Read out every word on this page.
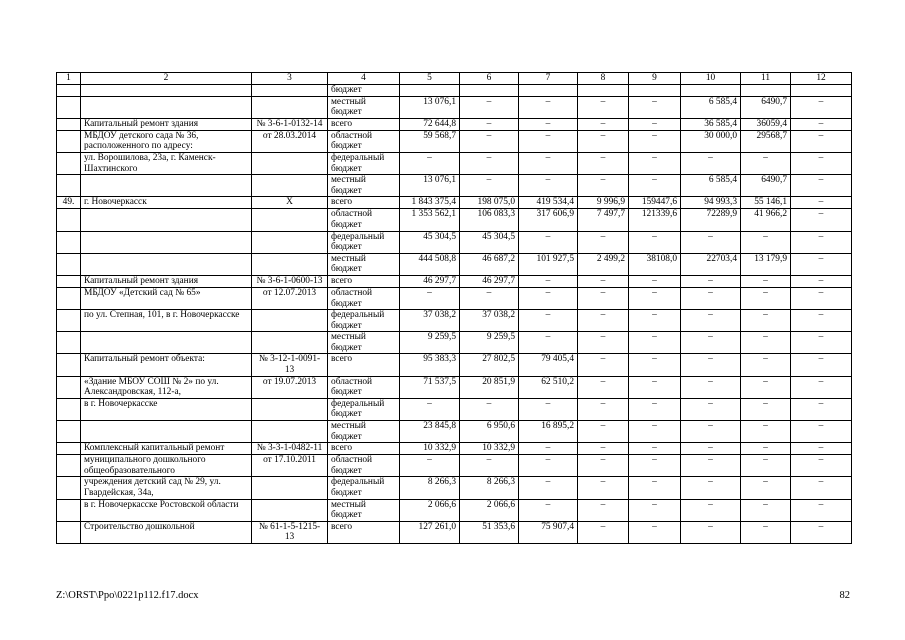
1	2	3	4	5	6	7	8	9	10	11	12
			бюджет								
			местный бюджет	13 076,1	–	–	–	–	6 585,4	6490,7	–
	Капитальный ремонт здания	№ 3-6-1-0132-14	всего	72 644,8	–	–	–	–	36 585,4	36059,4	–
	МБДОУ детского сада № 36, расположенного по адресу:	от 28.03.2014	областной бюджет	59 568,7	–	–	–	–	30 000,0	29568,7	–
	ул. Ворошилова, 23а, г. Каменск-Шахтинского		федеральный бюджет	–	–	–	–	–	–	–	–
			местный бюджет	13 076,1	–	–	–	–	6 585,4	6490,7	–
49.	г. Новочеркасск	Х	всего	1 843 375,4	198 075,0	419 534,4	9 996,9	159447,6	94 993,3	55 146,1	–
			областной бюджет	1 353 562,1	106 083,3	317 606,9	7 497,7	121339,6	72289,9	41 966,2	–
			федеральный бюджет	45 304,5	45 304,5	–	–	–	–	–	–
			местный бюджет	444 508,8	46 687,2	101 927,5	2 499,2	38108,0	22703,4	13 179,9	–
	Капитальный ремонт здания	№ 3-6-1-0600-13	всего	46 297,7	46 297,7	–	–	–	–	–	–
	МБДОУ «Детский сад № 65»	от 12.07.2013	областной бюджет	–	–	–	–	–	–	–	–
	по ул. Степная, 101, в г. Новочеркасске		федеральный бюджет	37 038,2	37 038,2	–	–	–	–	–	–
			местный бюджет	9 259,5	9 259,5	–	–	–	–	–	–
	Капитальный ремонт объекта:	№ 3-12-1-0091-13	всего	95 383,3	27 802,5	79 405,4	–	–	–	–	–
	«Здание МБОУ СОШ № 2» по ул. Александровская, 112-а,	от 19.07.2013	областной бюджет	71 537,5	20 851,9	62 510,2	–	–	–	–	–
	в г. Новочеркасске		федеральный бюджет	–	–	–	–	–	–	–	–
			местный бюджет	23 845,8	6 950,6	16 895,2	–	–	–	–	–
	Комплексный капитальный ремонт	№ 3-3-1-0482-11	всего	10 332,9	10 332,9	–	–	–	–	–	–
	муниципального дошкольного общеобразовательного	от 17.10.2011	областной бюджет	–	–	–	–	–	–	–	–
	учреждения детский сад № 29, ул. Гвардейская, 34а,		федеральный бюджет	8 266,3	8 266,3	–	–	–	–	–	–
	в г. Новочеркасске Ростовской области		местный бюджет	2 066,6	2 066,6	–	–	–	–	–	–
	Строительство дошкольной	№ 61-1-5-1215-13	всего	127 261,0	51 353,6	75 907,4	–	–	–	–	–
Z:\ORST\Ppo\0221p112.f17.docx	82
